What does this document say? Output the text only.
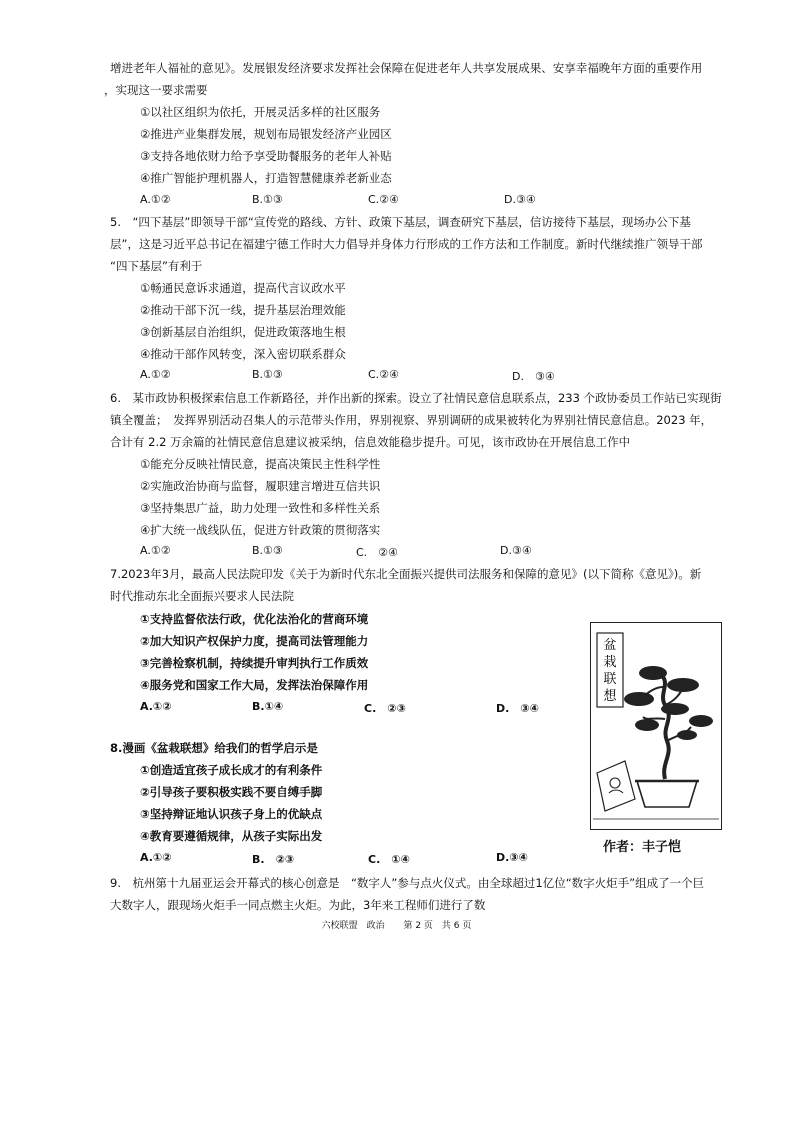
增进老年人福祉的意见》。发展银发经济要求发挥社会保障在促进老年人共享发展成果、安享幸福晚年方面的重要作用
，实现这一要求需要
①以社区组织为依托，开展灵活多样的社区服务
②推进产业集群发展，规划布局银发经济产业园区
③支持各地依财力给予享受助餐服务的老年人补贴
④推广智能护理机器人，打造智慧健康养老新业态
A.①②	B.①③	C.②④	D.③④
5.　“四下基层”即领导干部“宣传党的路线、方针、政策下基层，调查研究下基层，信访接待下基层，现场办公下基
层”，这是习近平总书记在福建宁德工作时大力倡导并身体力行形成的工作方法和工作制度。新时代继续推广领导干部
“四下基层”有利于
①畅通民意诉求通道，提高代言议政水平
②推动干部下沉一线，提升基层治理效能
③创新基层自治组织，促进政策落地生根
④推动干部作风转变，深入密切联系群众
A.①②	B.①③	C.②④	D.　③④
6.　某市政协积极探索信息工作新路径，并作出新的探索。设立了社情民意信息联系点，233 个政协委员工作站已实现街
镇全覆盖；　发挥界别活动召集人的示范带头作用，界别视察、界别调研的成果被转化为界别社情民意信息。2023 年，
合计有 2.2 万余篇的社情民意信息建议被采纳，信息效能稳步提升。可见，该市政协在开展信息工作中
①能充分反映社情民意，提高决策民主性科学性
②实施政治协商与监督，履职建言增进互信共识
③坚持集思广益，助力处理一致性和多样性关系
④扩大统一战线队伍，促进方针政策的贯彻落实
A.①②	B.①③	C.　②④	D.③④
7.2023年3月，最高人民法院印发《关于为新时代东北全面振兴提供司法服务和保障的意见》(以下简称《意见》)。新
时代推动东北全面振兴要求人民法院
①支持监督依法行政，优化法治化的营商环境
②加大知识产权保护力度，提高司法管理能力
③完善检察机制，持续提升审判执行工作质效
④服务党和国家工作大局，发挥法治保障作用
A.①②	B.①④	C.　②③	D.　③④
8.漫画《盆栽联想》给我们的哲学启示是
①创造适宜孩子成长成才的有利条件
②引导孩子要积极实践不要自缚手脚
③坚持辩证地认识孩子身上的优缺点
④教育要遵循规律，从孩子实际出发
A.①②	B.　②③	C.　①④	D.③④
盆
栽
联
想
作者：丰子恺
9.　杭州第十九届亚运会开幕式的核心创意是　“数字人”参与点火仪式。由全球超过1亿位“数字火炬手”组成了一个巨
大数字人，跟现场火炬手一同点燃主火炬。为此，3年来工程师们进行了数
六校联盟　政治 第 2 页　共 6 页
